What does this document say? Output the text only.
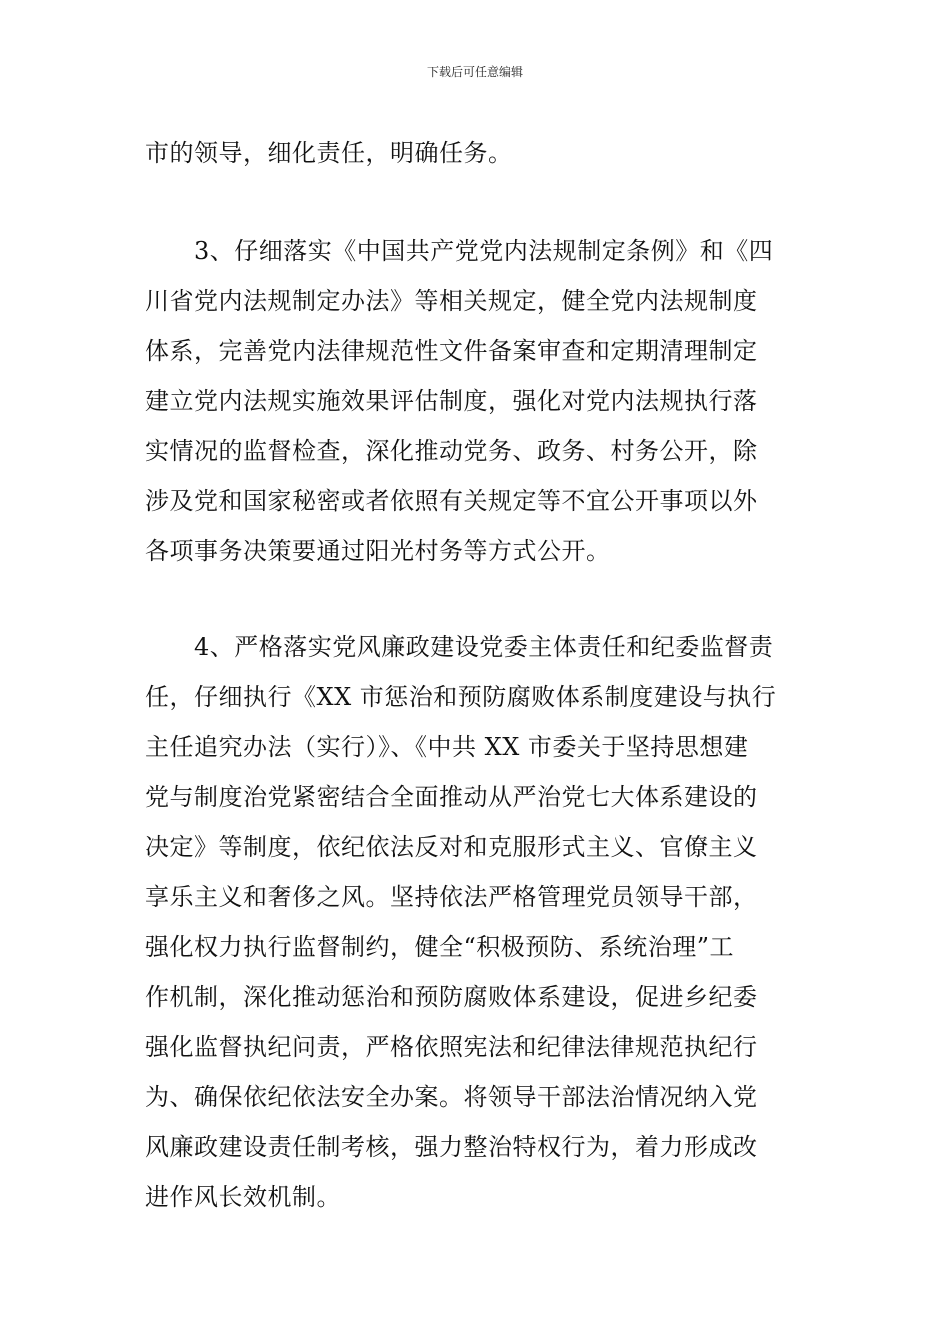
下载后可任意编辑
市的领导，细化责任，明确任务。
　　3、仔细落实《中国共产党党内法规制定条例》和《四
川省党内法规制定办法》等相关规定，健全党内法规制度
体系，完善党内法律规范性文件备案审查和定期清理制定
建立党内法规实施效果评估制度，强化对党内法规执行落
实情况的监督检查，深化推动党务、政务、村务公开，除
涉及党和国家秘密或者依照有关规定等不宜公开事项以外
各项事务决策要通过阳光村务等方式公开。
　　4、严格落实党风廉政建设党委主体责任和纪委监督责
任，仔细执行《XX 市惩治和预防腐败体系制度建设与执行
主任追究办法（实行）》、《中共 XX 市委关于坚持思想建
党与制度治党紧密结合全面推动从严治党七大体系建设的
决定》等制度，依纪依法反对和克服形式主义、官僚主义
享乐主义和奢侈之风。坚持依法严格管理党员领导干部，
强化权力执行监督制约，健全“积极预防、系统治理”工
作机制，深化推动惩治和预防腐败体系建设，促进乡纪委
强化监督执纪问责，严格依照宪法和纪律法律规范执纪行
为、确保依纪依法安全办案。将领导干部法治情况纳入党
风廉政建设责任制考核，强力整治特权行为，着力形成改
进作风长效机制。
